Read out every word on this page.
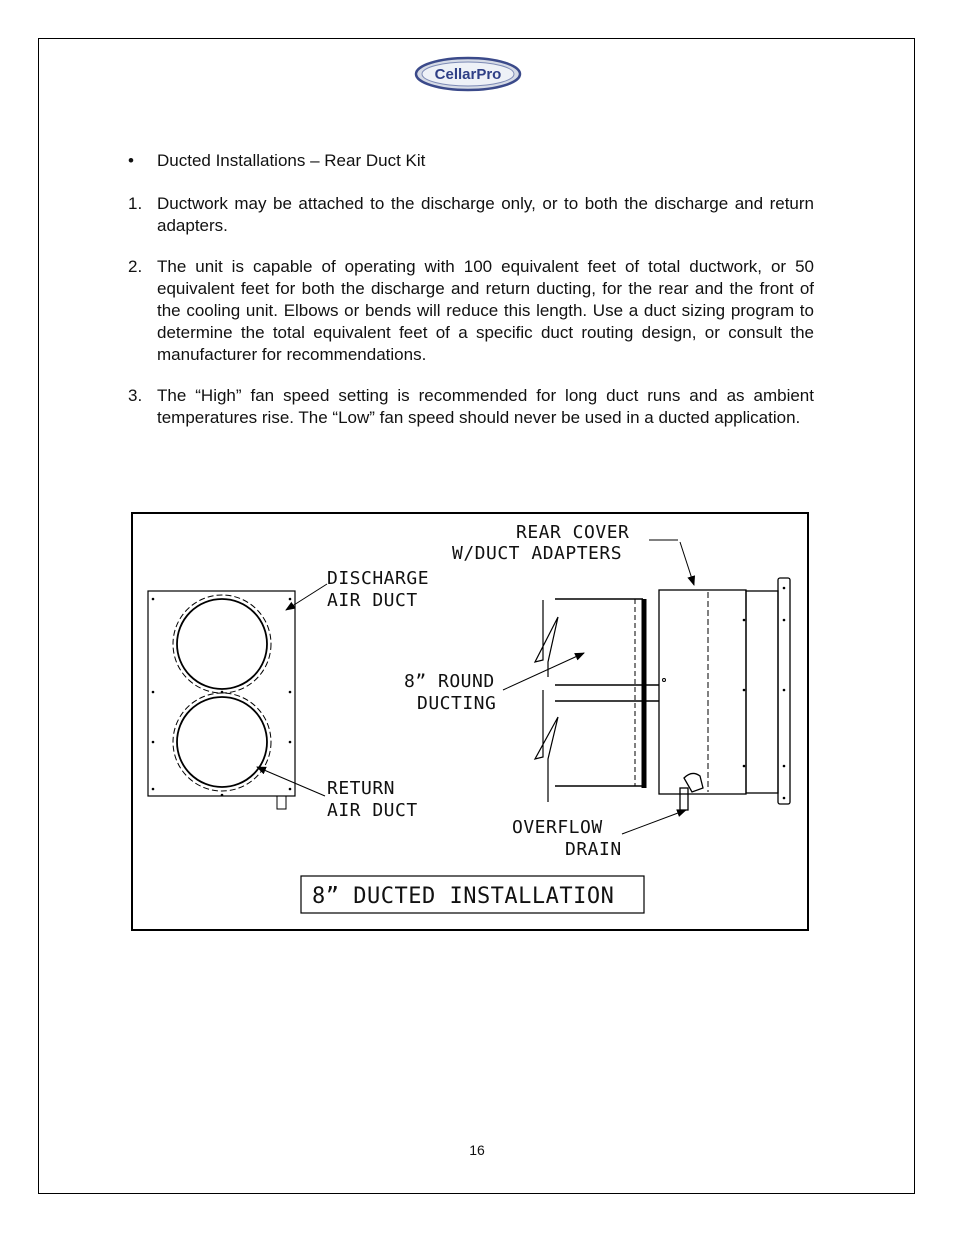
CellarPro
• Ducted Installations – Rear Duct Kit
1. Ductwork may be attached to the discharge only, or to both the discharge and return adapters.
2. The unit is capable of operating with 100 equivalent feet of total ductwork, or 50 equivalent feet for both the discharge and return ducting, for the rear and the front of the cooling unit. Elbows or bends will reduce this length. Use a duct sizing program to determine the total equivalent feet of a specific duct routing design, or consult the manufacturer for recommendations.
3. The “High” fan speed setting is recommended for long duct runs and as ambient temperatures rise. The “Low” fan speed should never be used in a ducted application.
REAR COVER
W/DUCT ADAPTERS
DISCHARGE
AIR DUCT
8” ROUND
DUCTING
RETURN
AIR DUCT
OVERFLOW
DRAIN
8” DUCTED INSTALLATION
16
